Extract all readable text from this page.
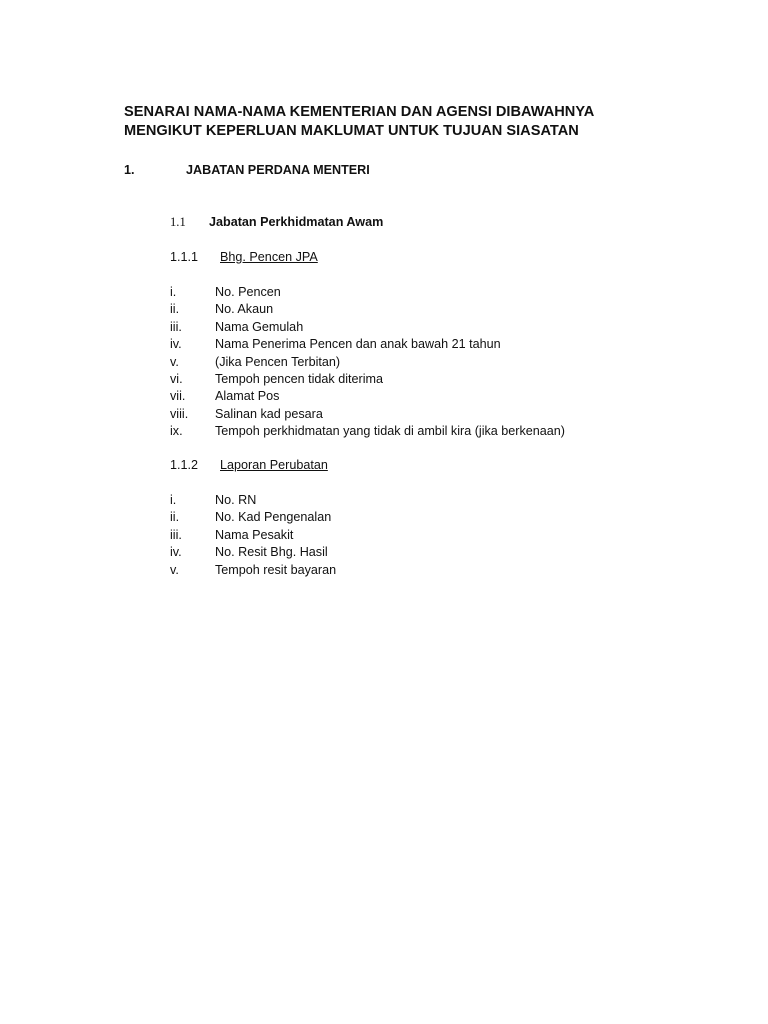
SENARAI NAMA-NAMA KEMENTERIAN DAN AGENSI DIBAWAHNYA
MENGIKUT KEPERLUAN MAKLUMAT UNTUK TUJUAN SIASATAN
1.	JABATAN PERDANA MENTERI
1.1 Jabatan Perkhidmatan Awam
1.1.1 Bhg. Pencen JPA
i.	No. Pencen
ii.	No. Akaun
iii.	Nama Gemulah
iv.	Nama Penerima Pencen dan anak bawah 21 tahun
v.	(Jika Pencen Terbitan)
vi.	Tempoh pencen tidak diterima
vii. Alamat Pos
viii. Salinan kad pesara
ix.	Tempoh perkhidmatan yang tidak di ambil kira (jika berkenaan)
1.1.2 Laporan Perubatan
i.	No. RN
ii.	No. Kad Pengenalan
iii.	Nama Pesakit
iv.	No. Resit Bhg. Hasil
v.	Tempoh resit bayaran
